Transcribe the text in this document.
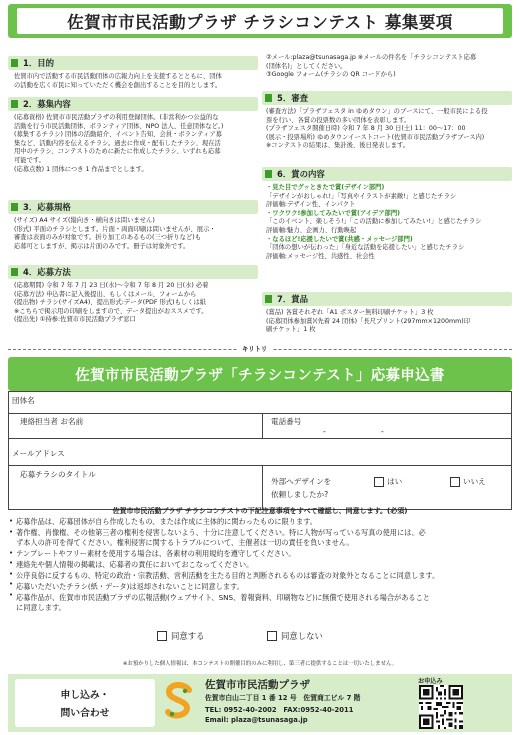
佐賀市市民活動プラザ チラシコンテスト 募集要項
1．目的
佐賀市内で活動する市民活動団体の広報力向上を支援するとともに、団体
の活動を広く市民に知っていただく機会を創出することを目的とします。
2．募集内容
(応募資格) 佐賀市市民活動プラザの利用登録団体。(非営利かつ公益的な
活動を行う市民活動団体、ボランティア団体、NPO 法人、任意団体など。)
(募集するチラシ) 団体の活動紹介、イベント告知、会員・ボランティア募
集など、活動内容を伝えるチラシ。過去に作成・配布したチラシ、現在活
用中のチラシ、コンテストのために新たに作成したチラシ、いずれも応募
可能です。
(応募点数) 1 団体につき 1 作品までとします。
3．応募規格
(サイズ) A4 サイズ(縦向き・横向きは問いません)
(形式) 平面のチラシとします。片面・両面印刷は問いませんが、展示・
審査は表面のみが対象です。折り加工のあるもの(三つ折りなど)も
応募可としますが、掲示は片面のみです。冊子は対象外です。
4．応募方法
(応募期間) 令和 7 年 7 月 23 日(水)〜令和 7 年 8 月 20 日(水) 必着
(応募方法) 申込書に記入後提出、もしくはメール、フォームから
(提出物) チラシ(サイズA4)、提出形式:データ(PDF 形式)もしくは紙
※こちらで掲示用の印刷をしますので、データ提出がおススメです。
(提出先) ①持参:佐賀市市民活動プラザ窓口
②メール:plaza@tsunasaga.jp ※メールの件名を「チラシコンテスト応募
(団体名)」としてください。
③Google フォーム(チラシの QR コードから)
5．審査
(審査方法)「プラザフェスタ in ゆめタウン」のブースにて、一般市民による投
票を行い、各賞の投票数の多い団体を表彰します。
(プラザフェスタ開催日時) 令和 7 年 8 月 30 日(土) 11：00〜17：00
(展示・投票場所) ゆめタウンイーストコート(佐賀市市民活動プラザブース内)
※コンテストの結果は、集計後、後日発表します。
6．賞の内容
・見た目でグッときたで賞(デザイン部門)
「デザインがおしゃれ!」「写真やイラストが素敵!」と感じたチラシ
評価軸:デザイン性、インパクト
・ワクワク!参加してみたいで賞(アイデア部門)
「このイベント、楽しそう!」「この活動に参加してみたい!」と感じたチラシ
評価軸:魅力、企画力、行動喚起
・なるほど!応援したいで賞(共感・メッセージ部門)
「団体の想いが伝わった」「身近な活動を応援したい」と感じたチラシ
評価軸:メッセージ性、共感性、社会性
7．賞品
(賞品) 各賞それぞれ「A1 ポスター無料印刷チケット」3 枚
(応募団体参加賞)(先着 24 団体)「長尺プリント(297mm×1200mm)印
刷チケット」1 枚
キリトリ
佐賀市市民活動プラザ「チラシコンテスト」応募申込書
団体名
連絡担当者 お名前	電話番号
-	-
メールアドレス
応募チラシのタイトル
外部へデザインを
依頼しましたか?
はい	いいえ
佐賀市市民活動プラザ チラシコンテストの下記注意事項をすべて確認し、同意します。(必須)
応募作品は、応募団体が自ら作成したもの、または作成に主体的に関わったものに限ります。
著作権、肖像権、その他第三者の権利を侵害しないよう、十分に注意してください。特に人物が写っている写真の使用には、必
ず本人の許可を得てください。権利侵害に関するトラブルについて、主催者は一切の責任を負いません。
テンプレートやフリー素材を使用する場合は、各素材の利用規約を遵守してください。
連絡先や個人情報の掲載は、応募者の責任においておこなってください。
公序良俗に反するもの、特定の政治・宗教活動、営利活動を主たる目的と判断されるものは審査の対象外となることに同意します。
応募いただいたチラシ(紙・データ)は返却されないことに同意します。
応募作品が、佐賀市市民活動プラザの広報活動(ウェブサイト、SNS、着報資料、印刷物など)に無償で使用される場合があること
に同意します。
•
•
•
•
•
•
•
同意する	同意しない
※お預かりした個人情報は、本コンテストの開催目的のみに利用し、第三者に提供することは一切いたしません。
申し込み・
問い合わせ
佐賀市市民活動プラザ
佐賀市白山二丁目 1 番 12 号　佐賀商工ビル 7 階
TEL: 0952-40-2002　FAX:0952-40-2011
Email: plaza@tsunasaga.jp
お申込み
